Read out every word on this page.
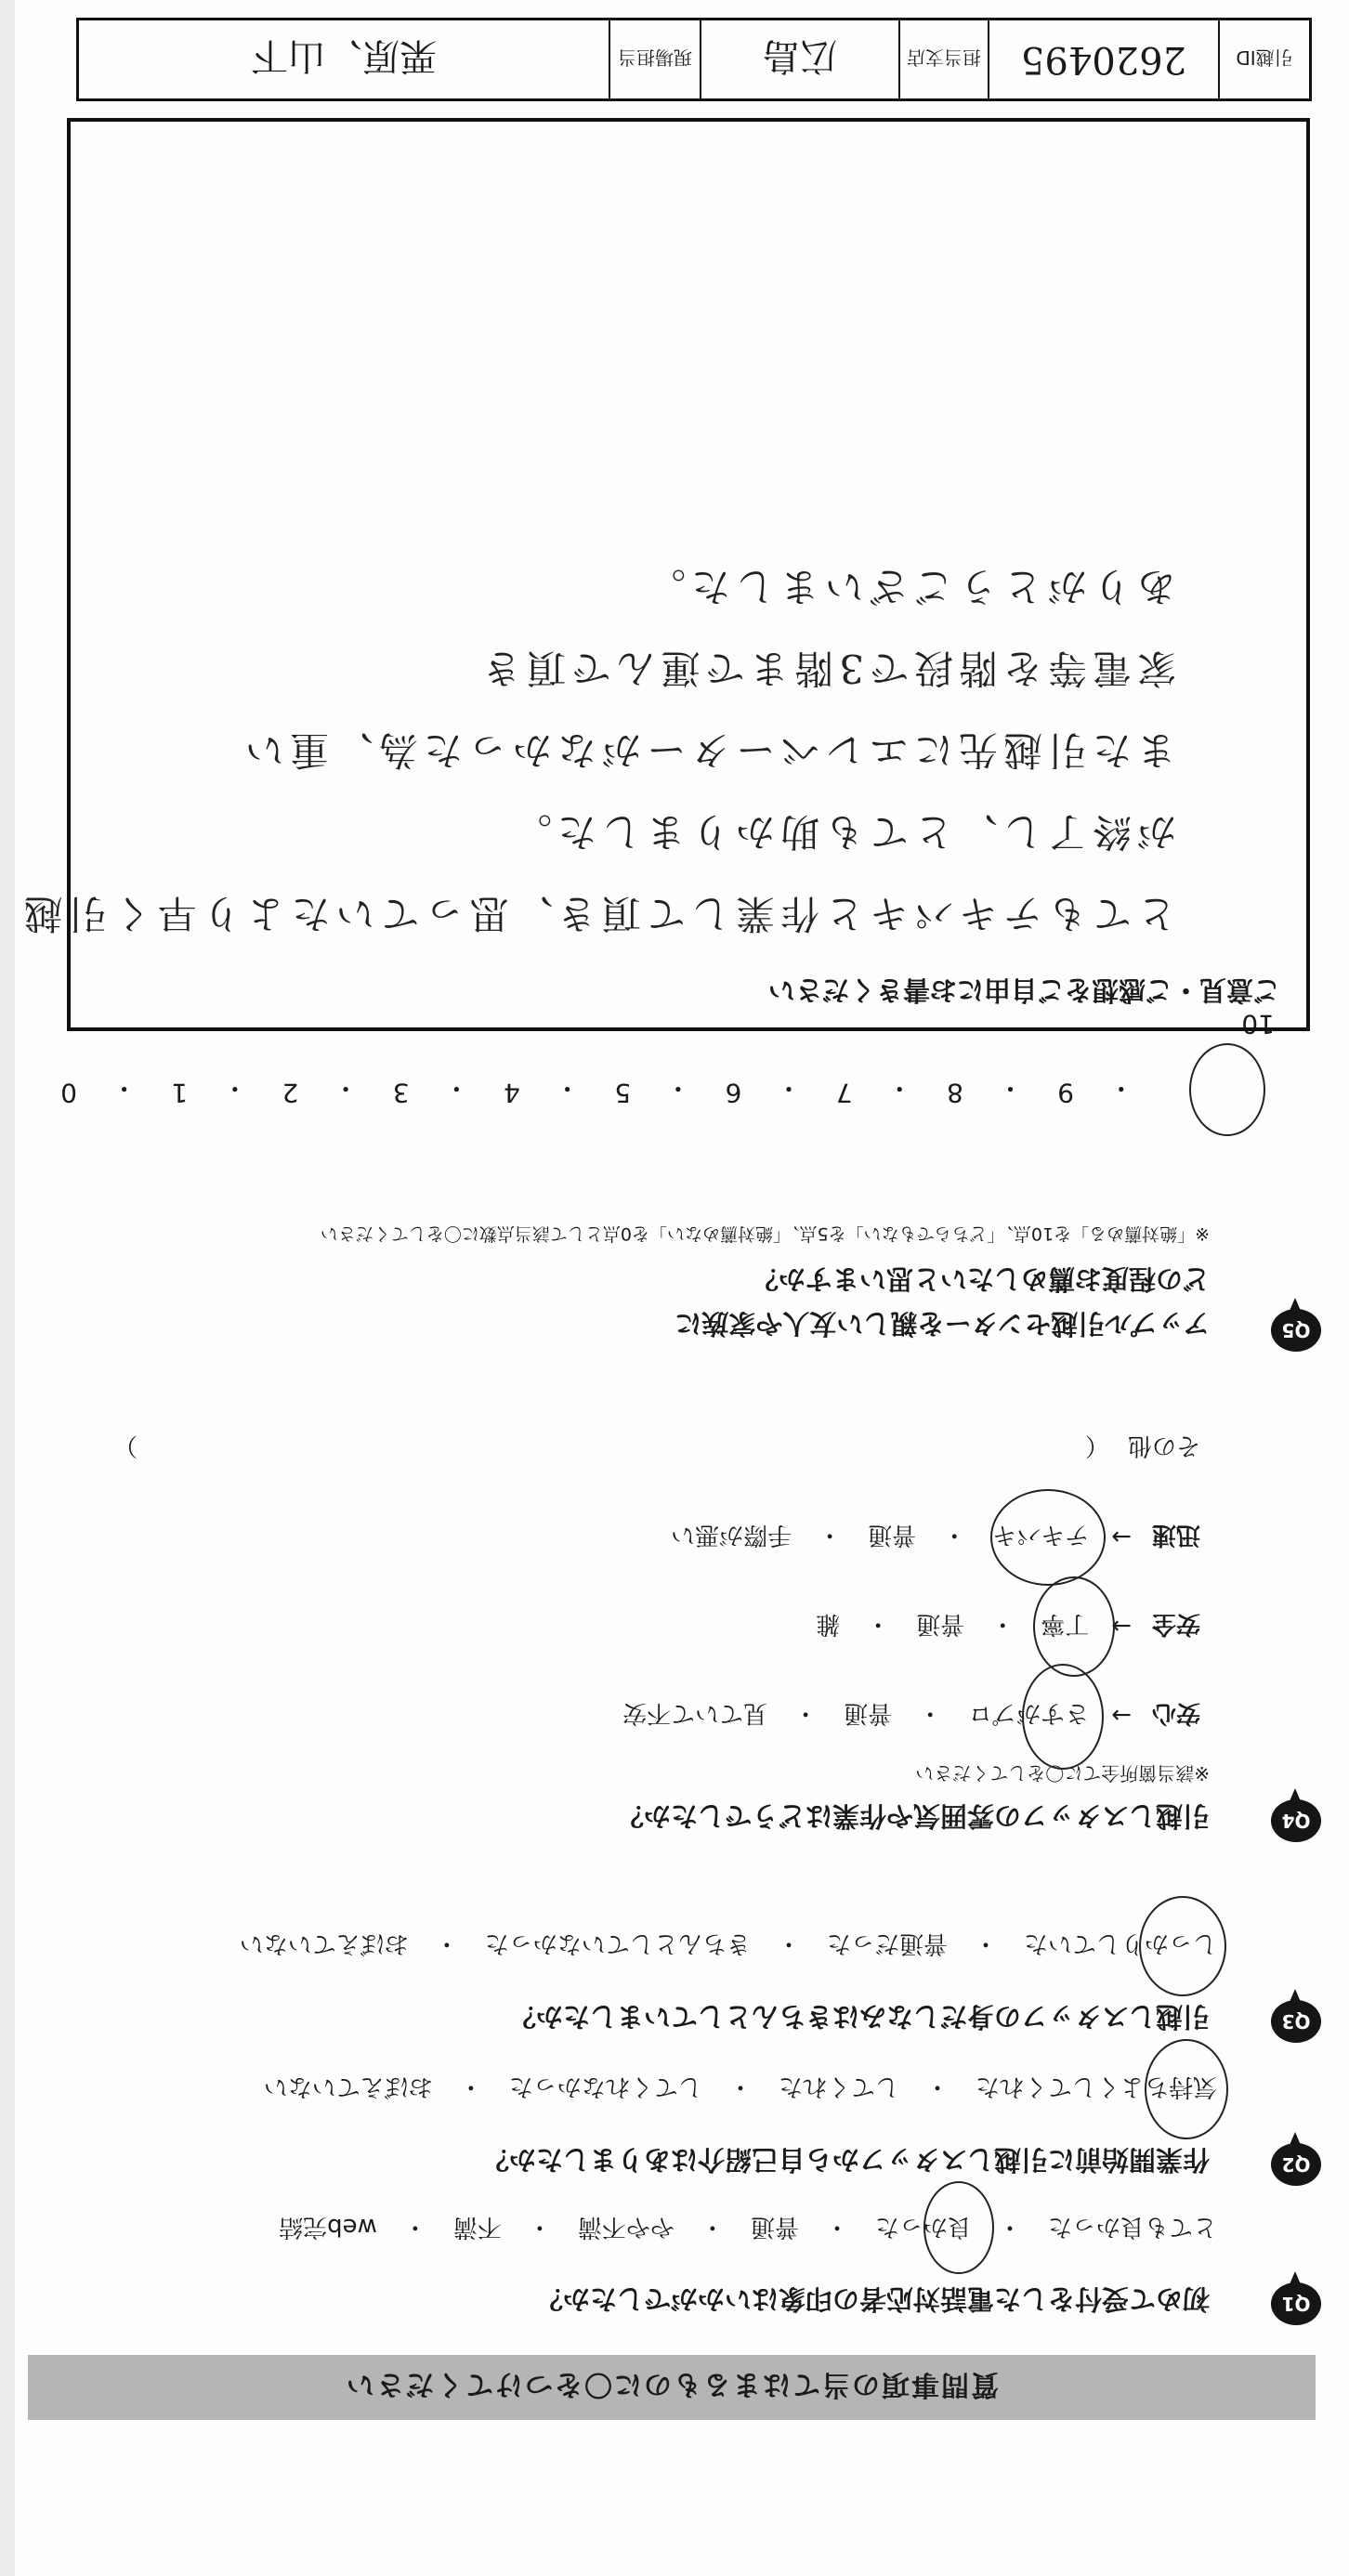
質問事項の当てはまるものに〇をつけてください
Q1
初めて受付をした電話対応者の印象はいかがでしたか？
とても良かった
・
良かった
・
普通
・
やや不満
・
不満
・
web完結
Q2
作業開始前に引越しスタッフから自己紹介はありましたか？
気持ちよくしてくれた
・
してくれた
・
してくれなかった
・
おぼえていない
Q3
引越しスタッフの身だしなみはきちんとしていましたか？
しっかりしていた
・
普通だった
・
きちんとしていなかった
・
おぼえていない
Q4
引越しスタッフの雰囲気や作業はどうでしたか？
※該当箇所全てに〇をしてください
安心
→
さすがプロ
・
普通
・
見ていて不安
安全
→
丁寧
・
普通
・
雑
迅速
→
テキパキ
・
普通
・
手際が悪い
その他
（
）
Q5
アップル引越センターを親しい友人や家族に
どの程度お薦めしたいと思いますか？
※「絶対薦める」を10点、「どちらでもない」を5点、「絶対薦めない」を0点として該当点数に〇をしてください
10
・
9
・
8
・
7
・
6
・
5
・
4
・
3
・
2
・
1
・
0
ご意見・ご感想をご自由にお書きください
とてもテキパキと作業して頂き、思っていたより早く引越
が終了し、とても助かりました。
また引越先にエレベーターがなかった為、重い
家電等を階段で3階まで運んで頂き
ありがとうございました。
引越ID
2620495
担当支店
広島
現場担当
栗原、山下
